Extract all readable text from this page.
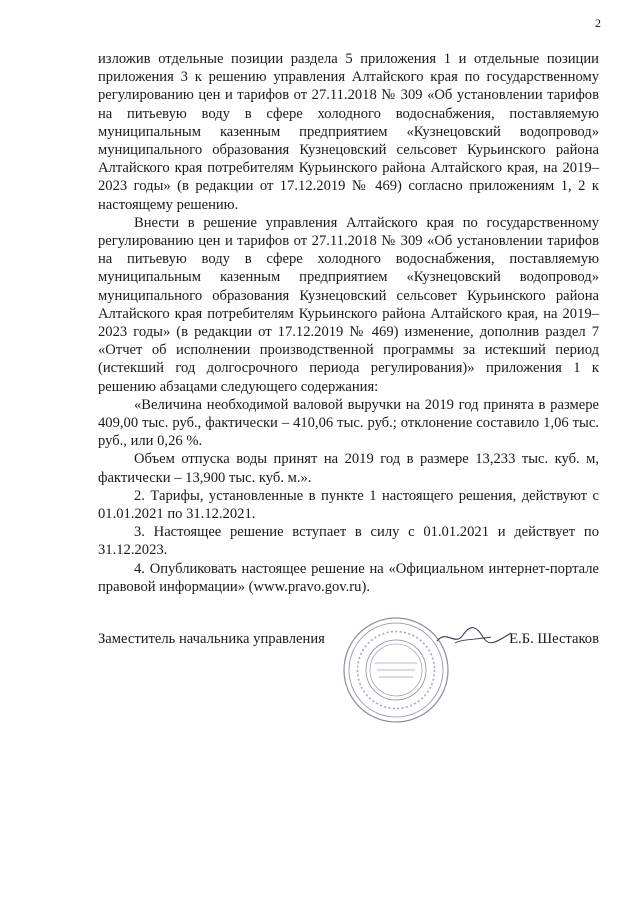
2

изложив отдельные позиции раздела 5 приложения 1 и отдельные позиции приложения 3 к решению управления Алтайского края по государственному регулированию цен и тарифов от 27.11.2018 № 309 «Об установлении тарифов на питьевую воду в сфере холодного водоснабжения, поставляемую муниципальным казенным предприятием «Кузнецовский водопровод» муниципального образования Кузнецовский сельсовет Курьинского района Алтайского края потребителям Курьинского района Алтайского края, на 2019–2023 годы» (в редакции от 17.12.2019 № 469) согласно приложениям 1, 2 к настоящему решению.

Внести в решение управления Алтайского края по государственному регулированию цен и тарифов от 27.11.2018 № 309 «Об установлении тарифов на питьевую воду в сфере холодного водоснабжения, поставляемую муниципальным казенным предприятием «Кузнецовский водопровод» муниципального образования Кузнецовский сельсовет Курьинского района Алтайского края потребителям Курьинского района Алтайского края, на 2019–2023 годы» (в редакции от 17.12.2019 № 469) изменение, дополнив раздел 7 «Отчет об исполнении производственной программы за истекший период (истекший год долгосрочного периода регулирования)» приложения 1 к решению абзацами следующего содержания:

«Величина необходимой валовой выручки на 2019 год принята в размере 409,00 тыс. руб., фактически – 410,06 тыс. руб.; отклонение составило 1,06 тыс. руб., или 0,26 %.

Объем отпуска воды принят на 2019 год в размере 13,233 тыс. куб. м, фактически – 13,900 тыс. куб. м.».

2. Тарифы, установленные в пункте 1 настоящего решения, действуют с 01.01.2021 по 31.12.2021.

3. Настоящее решение вступает в силу с 01.01.2021 и действует по 31.12.2023.

4. Опубликовать настоящее решение на «Официальном интернет-портале правовой информации» (www.pravo.gov.ru).

Заместитель начальника управления	Е.Б. Шестаков
